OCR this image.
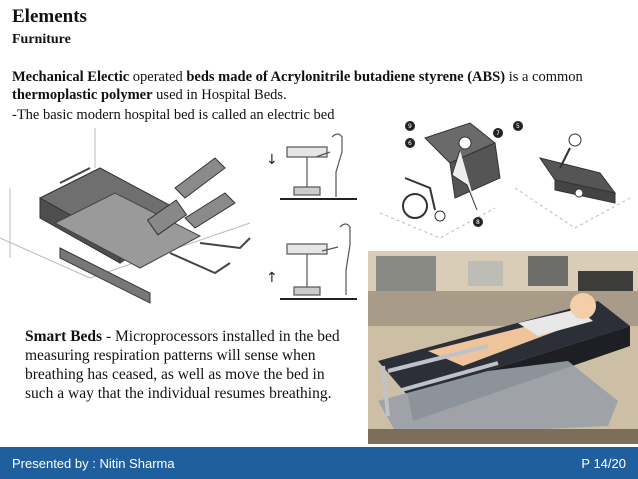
Elements
Furniture
Mechanical Electic operated beds made of Acrylonitrile butadiene styrene (ABS) is a common thermoplastic polymer used in Hospital Beds.
-The basic modern hospital bed is called an electric bed
↓
↑
9
6
7
8
5
Smart Beds - Microprocessors installed in the bed measuring respiration patterns will sense when breathing has ceased, as well as move the bed in such a way that the individual resumes breathing.
Presented by : Nitin Sharma	P 14/20
